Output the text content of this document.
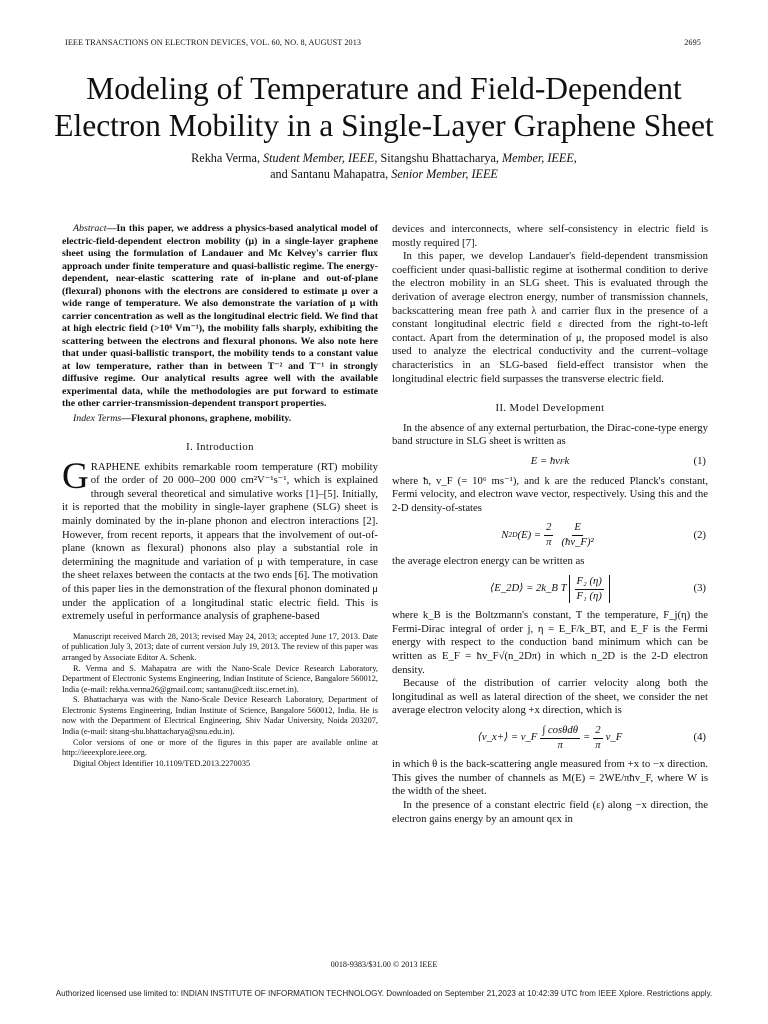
IEEE TRANSACTIONS ON ELECTRON DEVICES, VOL. 60, NO. 8, AUGUST 2013	2695
Modeling of Temperature and Field-Dependent Electron Mobility in a Single-Layer Graphene Sheet
Rekha Verma, Student Member, IEEE, Sitangshu Bhattacharya, Member, IEEE,
and Santanu Mahapatra, Senior Member, IEEE

Abstract—In this paper, we address a physics-based analytical model of electric-field-dependent electron mobility (μ) in a single-layer graphene sheet using the formulation of Landauer and Mc Kelvey's carrier flux approach under finite temperature and quasi-ballistic regime. The energy-dependent, near-elastic scattering rate of in-plane and out-of-plane (flexural) phonons with the electrons are considered to estimate μ over a wide range of temperature. We also demonstrate the variation of μ with carrier concentration as well as the longitudinal electric field. We find that at high electric field (>10⁶ Vm⁻¹), the mobility falls sharply, exhibiting the scattering between the electrons and flexural phonons. We also note here that under quasi-ballistic transport, the mobility tends to a constant value at low temperature, rather than in between T⁻² and T⁻¹ in strongly diffusive regime. Our analytical results agree well with the available experimental data, while the methodologies are put forward to estimate the other carrier-transmission-dependent transport properties.

Index Terms—Flexural phonons, graphene, mobility.

I. Introduction

GRAPHENE exhibits remarkable room temperature (RT) mobility of the order of 20 000–200 000 cm²V⁻¹s⁻¹, which is explained through several theoretical and simulative works [1]–[5]. Initially, it is reported that the mobility in single-layer graphene (SLG) sheet is mainly dominated by the in-plane phonon and electron interactions [2]. However, from recent reports, it appears that the involvement of out-of-plane (known as flexural) phonons also play a substantial role in determining the magnitude and variation of μ with temperature, in case the sheet relaxes between the contacts at the two ends [6]. The motivation of this paper lies in the demonstration of the flexural phonon dominated μ under the application of a longitudinal static electric field. This is extremely useful in performance analysis of graphene-based

Manuscript received March 28, 2013; revised May 24, 2013; accepted June 17, 2013. Date of publication July 3, 2013; date of current version July 19, 2013. The review of this paper was arranged by Associate Editor A. Schenk.

R. Verma and S. Mahapatra are with the Nano-Scale Device Research Laboratory, Department of Electronic Systems Engineering, Indian Institute of Science, Bangalore 560012, India (e-mail: rekha.verma26@gmail.com; santanu@cedt.iisc.ernet.in).

S. Bhattacharya was with the Nano-Scale Device Research Laboratory, Department of Electronic Systems Engineering, Indian Institute of Science, Bangalore 560012, India. He is now with the Department of Electrical Engineering, Shiv Nadar University, Noida 203207, India (e-mail: sitang-shu.bhattacharya@snu.edu.in).

Color versions of one or more of the figures in this paper are available online at http://ieeexplore.ieee.org.

Digital Object Identifier 10.1109/TED.2013.2270035

devices and interconnects, where self-consistency in electric field is mostly required [7].

In this paper, we develop Landauer's field-dependent transmission coefficient under quasi-ballistic regime at isothermal condition to derive the electron mobility in an SLG sheet. This is evaluated through the derivation of average electron energy, number of transmission channels, backscattering mean free path λ and carrier flux in the presence of a constant longitudinal electric field ε directed from the right-to-left contact. Apart from the determination of μ, the proposed model is also used to analyze the electrical conductivity and the current–voltage characteristics in an SLG-based field-effect transistor when the longitudinal electric field surpasses the transverse electric field.

II. Model Development

In the absence of any external perturbation, the Dirac-cone-type energy band structure in SLG sheet is written as

E = ħv F k	(1)

where ħ, v_F (= 10⁶ ms⁻¹), and k are the reduced Planck's constant, Fermi velocity, and electron wave vector, respectively. Using this and the 2-D density-of-states

N 2D $(E) = \frac{2}{\pi} \frac{E}{\text{(ħv\_F)²}}$	(2)

the average electron energy can be written as

⟨E_2D⟩ = 2k_B T $\frac{\text{F₂ (η)}}{\text{F₁ (η)}}$	(3)

where k_B is the Boltzmann's constant, T the temperature, F_j(η) the Fermi-Dirac integral of order j, η = E_F/k_BT, and E_F is the Fermi energy with respect to the conduction band minimum which can be written as E_F = ħv_F√(n_2Dπ) in which n_2D is the 2-D electron density.

Because of the distribution of carrier velocity along both the longitudinal as well as lateral direction of the sheet, we consider the net average electron velocity along +x direction, which is

⟨v_x+⟩ = v_F $\frac{\text{∫ cosθdθ}}{\pi} = \frac{2}{\pi}$ v_F	(4)

in which θ is the back-scattering angle measured from +x to −x direction. This gives the number of channels as M(E) = 2WE/πħv_F, where W is the width of the sheet.

In the presence of a constant electric field (ε) along −x direction, the electron gains energy by an amount qεx in

0018-9383/$31.00 © 2013 IEEE
Authorized licensed use limited to: INDIAN INSTITUTE OF INFORMATION TECHNOLOGY. Downloaded on September 21,2023 at 10:42:39 UTC from IEEE Xplore. Restrictions apply.
